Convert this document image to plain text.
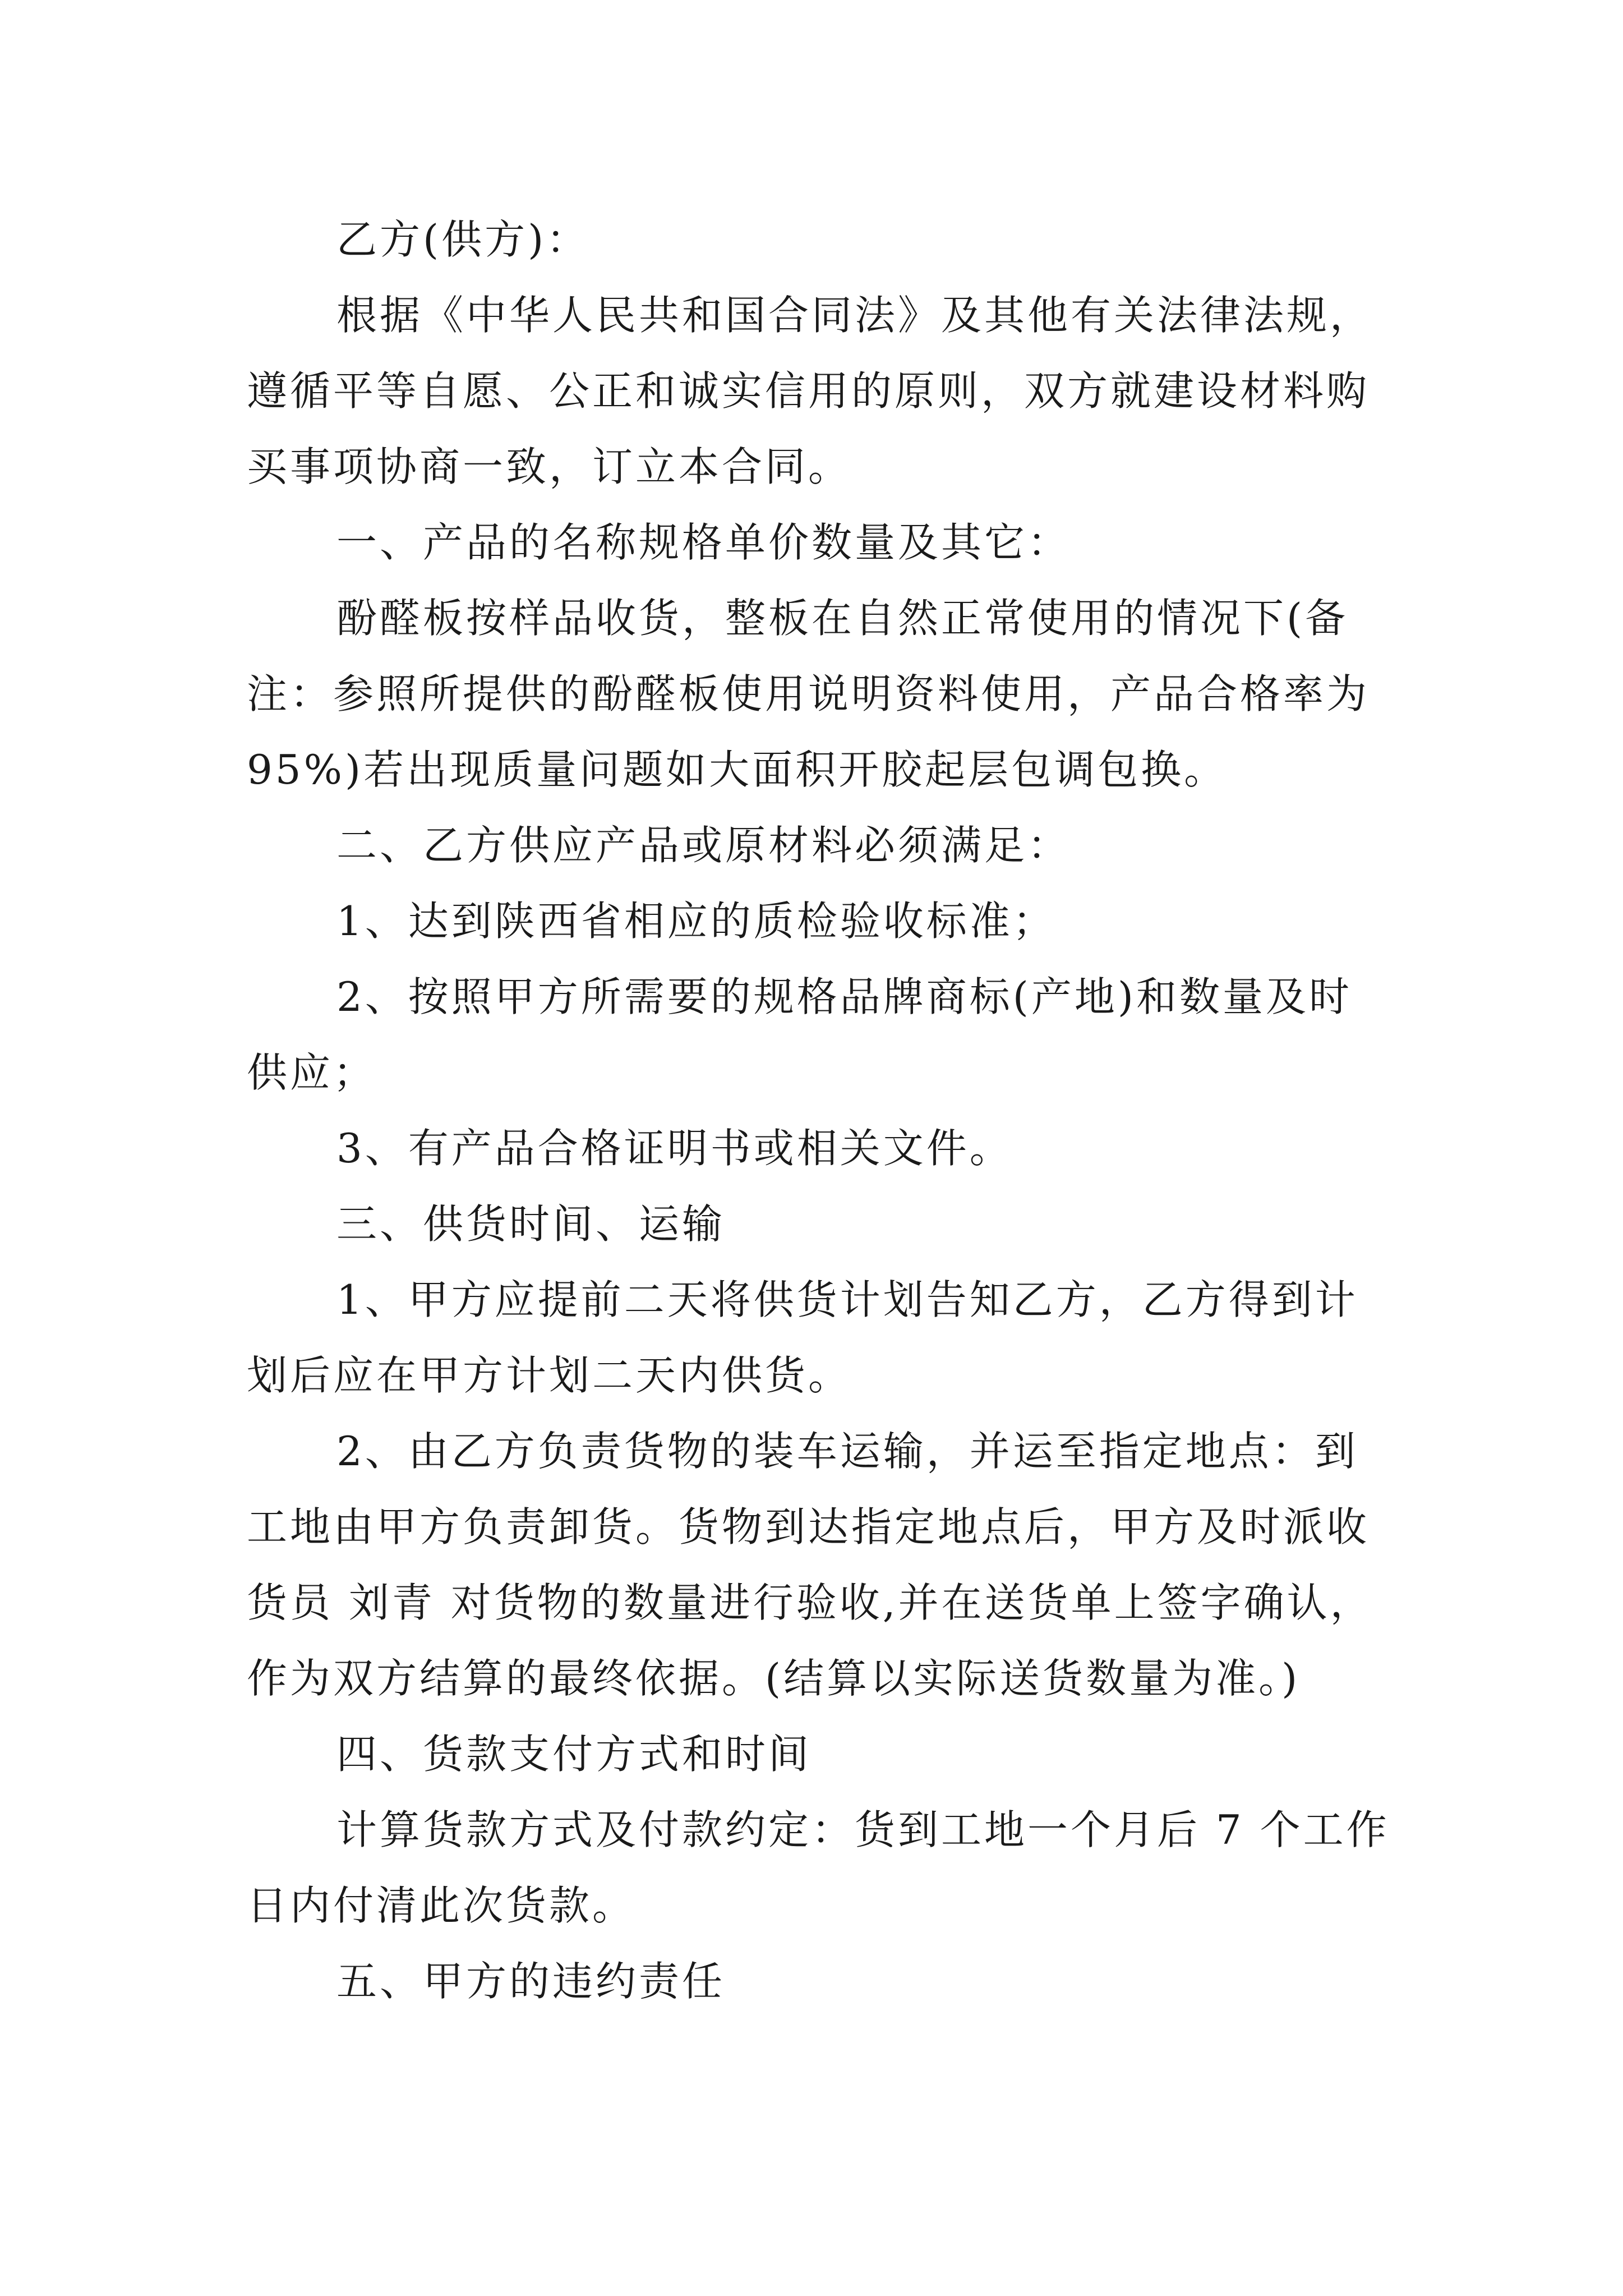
乙方(供方)：
根据《中华人民共和国合同法》及其他有关法律法规，
遵循平等自愿、公正和诚实信用的原则，双方就建设材料购
买事项协商一致，订立本合同。
一、产品的名称规格单价数量及其它：
酚醛板按样品收货，整板在自然正常使用的情况下(备
注：参照所提供的酚醛板使用说明资料使用，产品合格率为
95%)若出现质量问题如大面积开胶起层包调包换。
二、乙方供应产品或原材料必须满足：
1、达到陕西省相应的质检验收标准；
2、按照甲方所需要的规格品牌商标(产地)和数量及时
供应；
3、有产品合格证明书或相关文件。
三、供货时间、运输
1、甲方应提前二天将供货计划告知乙方，乙方得到计
划后应在甲方计划二天内供货。
2、由乙方负责货物的装车运输，并运至指定地点：到
工地由甲方负责卸货。货物到达指定地点后，甲方及时派收
货员 刘青 对货物的数量进行验收,并在送货单上签字确认，
作为双方结算的最终依据。(结算以实际送货数量为准。)
四、货款支付方式和时间
计算货款方式及付款约定：货到工地一个月后 7 个工作
日内付清此次货款。
五、甲方的违约责任
